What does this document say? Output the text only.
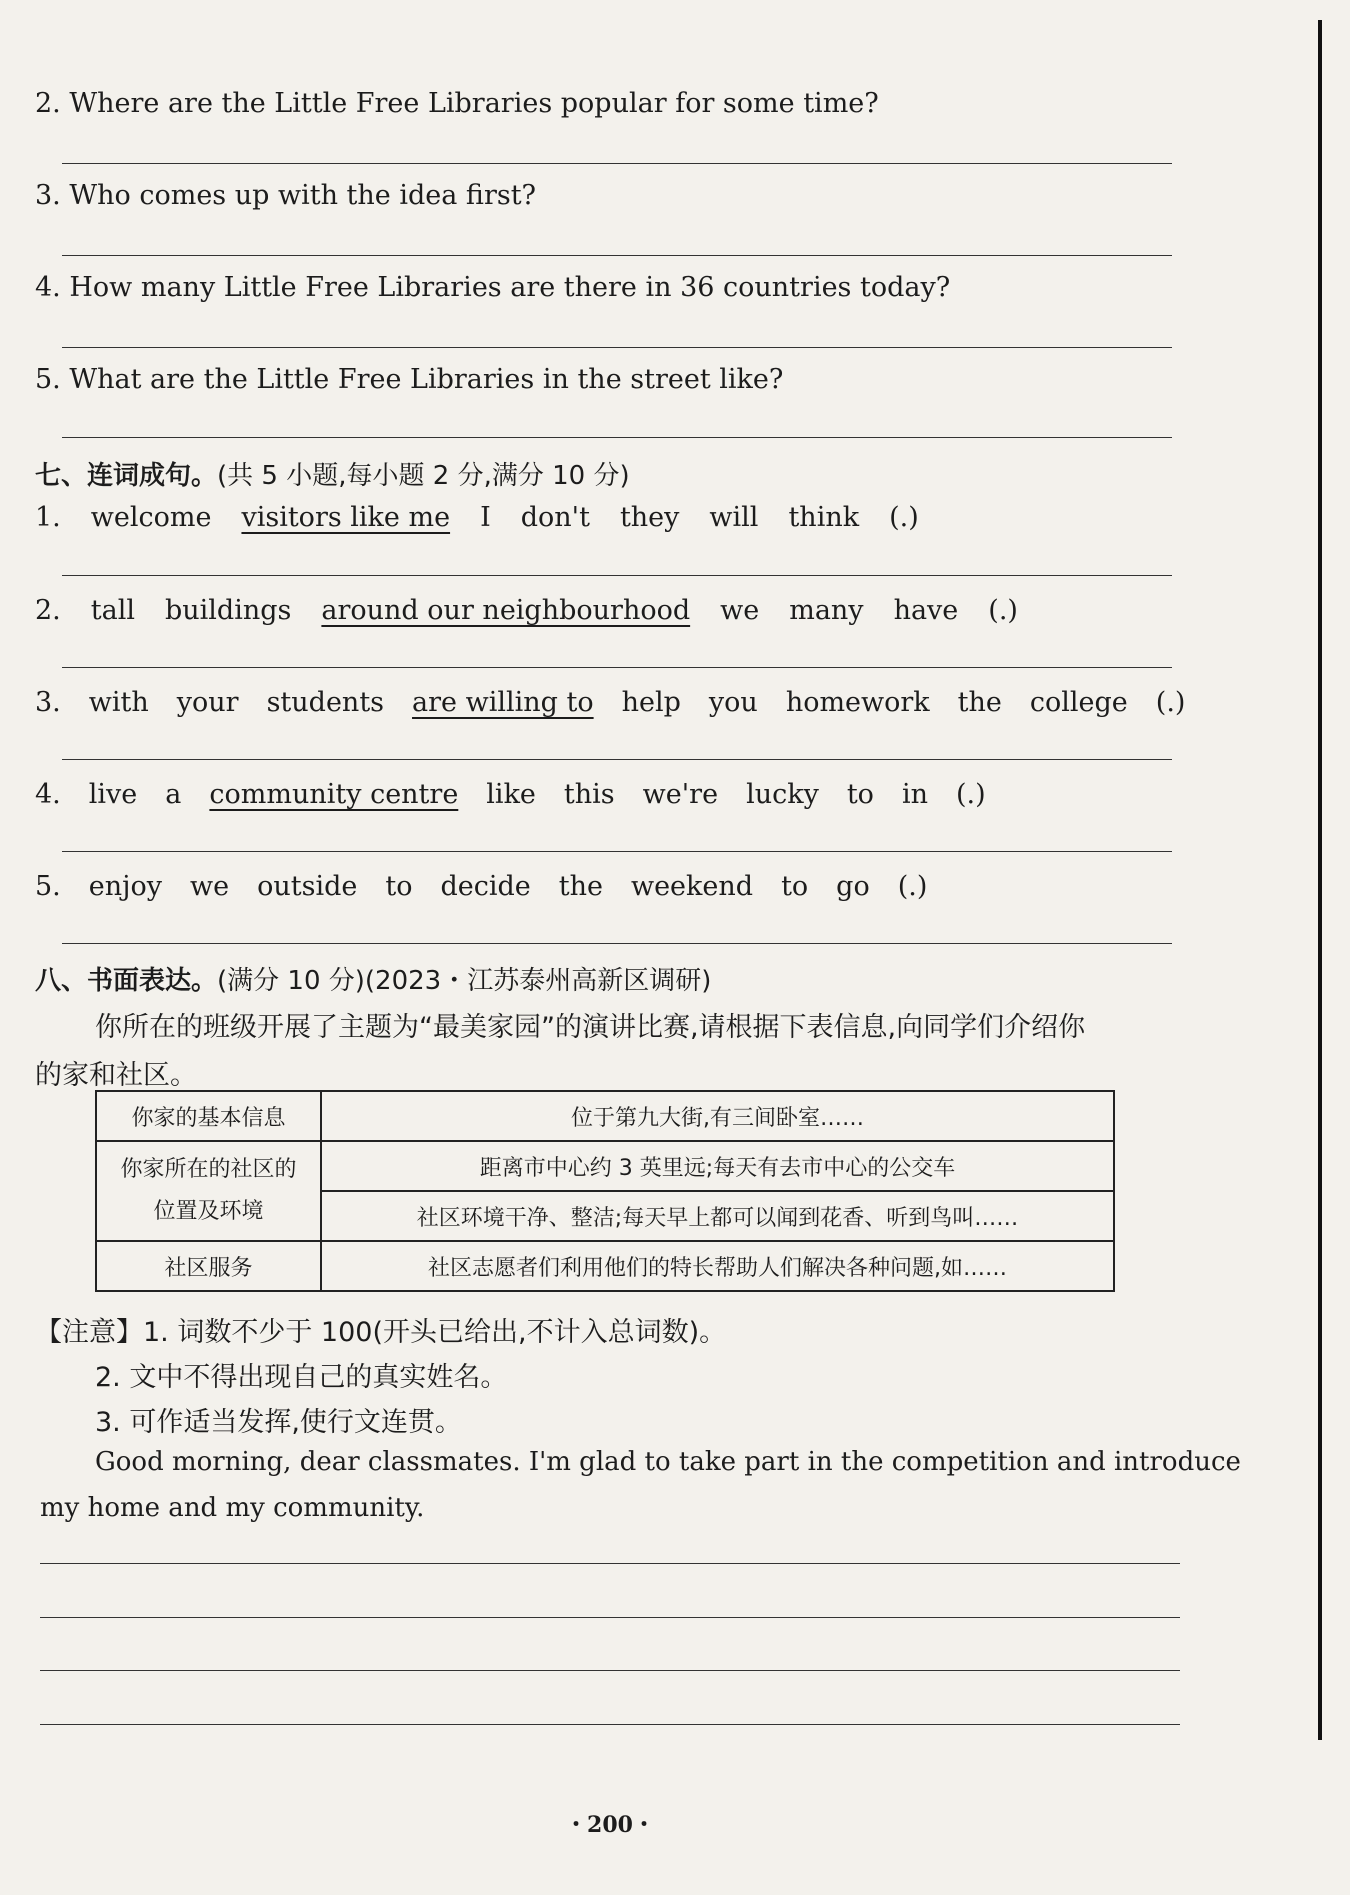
2. Where are the Little Free Libraries popular for some time?
3. Who comes up with the idea first?
4. How many Little Free Libraries are there in 36 countries today?
5. What are the Little Free Libraries in the street like?
七、连词成句。(共 5 小题,每小题 2 分,满分 10 分)
1. welcome visitors like me I don't they will think (.)
2. tall buildings around our neighbourhood we many have (.)
3. with your students are willing to help you homework the college (.)
4. live a community centre like this we're lucky to in (.)
5. enjoy we outside to decide the weekend to go (.)
八、书面表达。(满分 10 分)(2023・江苏泰州高新区调研)
你所在的班级开展了主题为“最美家园”的演讲比赛,请根据下表信息,向同学们介绍你
的家和社区。
你家的基本信息	位于第九大街,有三间卧室……
你家所在的社区的
位置及环境	距离市中心约 3 英里远;每天有去市中心的公交车
	社区环境干净、整洁;每天早上都可以闻到花香、听到鸟叫……
社区服务	社区志愿者们利用他们的特长帮助人们解决各种问题,如……
【注意】1. 词数不少于 100(开头已给出,不计入总词数)。
2. 文中不得出现自己的真实姓名。
3. 可作适当发挥,使行文连贯。
Good morning, dear classmates. I'm glad to take part in the competition and introduce
my home and my community.
・200・
